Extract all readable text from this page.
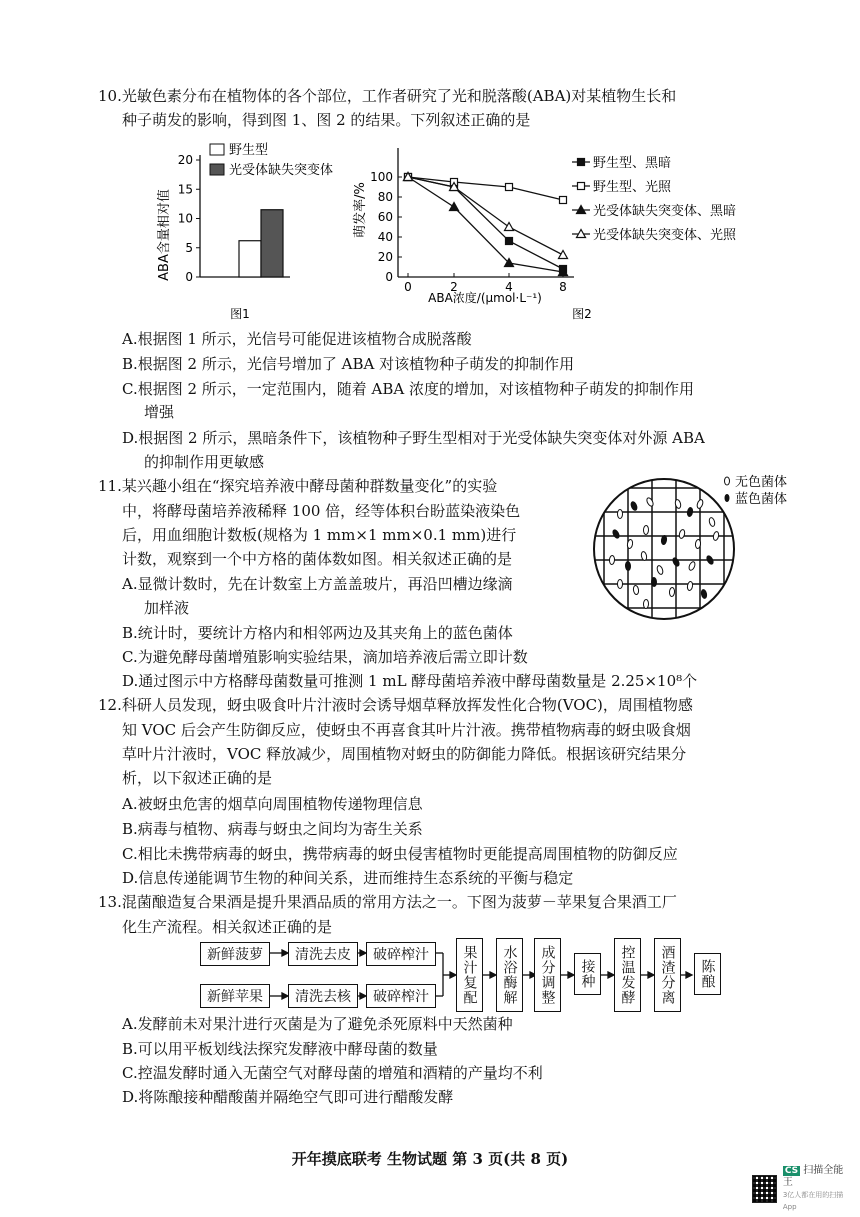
10.光敏色素分布在植物体的各个部位，工作者研究了光和脱落酸(ABA)对某植物生长和
种子萌发的影响，得到图 1、图 2 的结果。下列叙述正确的是
ABA含量相对值 0
5
10
15
20
野生型
光受体缺失突变体
图1
萌发率/%
0
20
40
60
80
100
0	2	4	8
野生型、黑暗
野生型、光照
光受体缺失突变体、黑暗
光受体缺失突变体、光照
ABA浓度/(μmol·L⁻¹)
图2
A.根据图 1 所示，光信号可能促进该植物合成脱落酸
B.根据图 2 所示，光信号增加了 ABA 对该植物种子萌发的抑制作用
C.根据图 2 所示，一定范围内，随着 ABA 浓度的增加，对该植物种子萌发的抑制作用
增强
D.根据图 2 所示，黑暗条件下，该植物种子野生型相对于光受体缺失突变体对外源 ABA
的抑制作用更敏感
11.某兴趣小组在“探究培养液中酵母菌种群数量变化”的实验
中，将酵母菌培养液稀释 100 倍，经等体积台盼蓝染液染色
后，用血细胞计数板(规格为 1 mm×1 mm×0.1 mm)进行
计数，观察到一个中方格的菌体数如图。相关叙述正确的是
无色菌体
蓝色菌体
A.显微计数时，先在计数室上方盖盖玻片，再沿凹槽边缘滴
加样液
B.统计时，要统计方格内和相邻两边及其夹角上的蓝色菌体
C.为避免酵母菌增殖影响实验结果，滴加培养液后需立即计数
D.通过图示中方格酵母菌数量可推测 1 mL 酵母菌培养液中酵母菌数量是 2.25×10⁸个
12.科研人员发现，蚜虫吸食叶片汁液时会诱导烟草释放挥发性化合物(VOC)，周围植物感
知 VOC 后会产生防御反应，使蚜虫不再喜食其叶片汁液。携带植物病毒的蚜虫吸食烟
草叶片汁液时，VOC 释放减少，周围植物对蚜虫的防御能力降低。根据该研究结果分
析，以下叙述正确的是
A.被蚜虫危害的烟草向周围植物传递物理信息
B.病毒与植物、病毒与蚜虫之间均为寄生关系
C.相比未携带病毒的蚜虫，携带病毒的蚜虫侵害植物时更能提高周围植物的防御反应
D.信息传递能调节生物的种间关系，进而维持生态系统的平衡与稳定
13.混菌酿造复合果酒是提升果酒品质的常用方法之一。下图为菠萝－苹果复合果酒工厂
化生产流程。相关叙述正确的是
新鲜菠萝	清洗去皮	破碎榨汁
新鲜苹果	清洗去核	破碎榨汁	果汁复配	水浴酶解	成分调整	接种	控温发酵	酒渣分离	陈酿
A.发酵前未对果汁进行灭菌是为了避免杀死原料中天然菌种
B.可以用平板划线法探究发酵液中酵母菌的数量
C.控温发酵时通入无菌空气对酵母菌的增殖和酒精的产量均不利
D.将陈酿接种醋酸菌并隔绝空气即可进行醋酸发酵
开年摸底联考 生物试题 第 3 页(共 8 页)
CS 扫描全能王
3亿人都在用的扫描App
